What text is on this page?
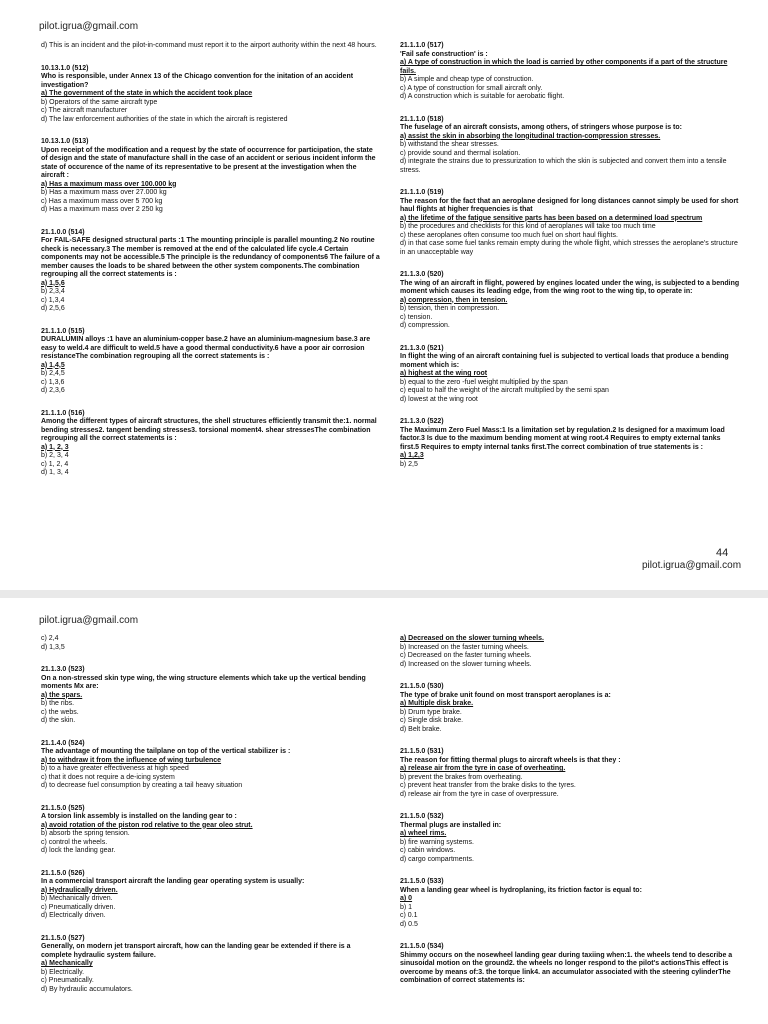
pilot.igrua@gmail.com
d) This is an incident and the pilot-in-command must report it to the airport authority within the next 48 hours.
10.13.1.0 (512)
Who is responsible, under Annex 13 of the Chicago convention for the initation of an accident investigation?
a) The government of the state in which the accident took place
b) Operators of the same aircraft type
c) The aircraft manufacturer
d) The law enforcement authorities of the state in which the aircraft is registered
10.13.1.0 (513)
Upon receipt of the modification and a request by the state of occurrence for participation, the state of design and the state of manufacture shall in the case of an accident or serious incident inform the state of occurence of the name of its representative to be present at the investigation when the aircraft :
a) Has a maximum mass over 100.000 kg
b) Has a maximum mass over 27.000 kg
c) Has a maximum mass over 5 700 kg
d) Has a maximum mass over 2 250 kg
21.1.0.0 (514)
For FAIL-SAFE designed structural parts :1 The mounting principle is parallel mounting.2 No routine check is necessary.3 The member is removed at the end of the calculated life cycle.4 Certain components may not be accessible.5 The principle is the redundancy of components6 The failure of a member causes the loads to be shared between the other system components.The combination regrouping all the correct statements is :
a) 1,5,6
b) 2,3,4
c) 1,3,4
d) 2,5,6
21.1.1.0 (515)
DURALUMIN alloys :1 have an aluminium-copper base.2 have an aluminium-magnesium base.3 are easy to weld.4 are difficult to weld.5 have a good thermal conductivity.6 have a poor air corrosion resistanceThe combination regrouping all the correct statements is :
a) 1,4,5
b) 2,4,5
c) 1,3,6
d) 2,3,6
21.1.1.0 (516)
Among the different types of aircraft structures, the shell structures efficiently transmit the:1. normal bending stresses2. tangent bending stresses3. torsional moment4. shear stressesThe combination regrouping all the correct statements is :
a) 1, 2, 3
b) 2, 3, 4
c) 1, 2, 4
d) 1, 3, 4
21.1.1.0 (517)
'Fail safe construction' is :
a) A type of construction in which the load is carried by other components if a part of the structure fails.
b) A simple and cheap type of construction.
c) A type of construction for small aircraft only.
d) A construction which is suitable for aerobatic flight.
21.1.1.0 (518)
The fuselage of an aircraft consists, among others, of stringers whose purpose is to:
a) assist the skin in absorbing the longitudinal traction-compression stresses.
b) withstand the shear stresses.
c) provide sound and thermal isolation.
d) integrate the strains due to pressurization to which the skin is subjected and convert them into a tensile stress.
21.1.1.0 (519)
The reason for the fact that an aeroplane designed for long distances cannot simply be used for short haul flights at higher frequencies is that
a) the lifetime of the fatigue sensitive parts has been based on a determined load spectrum
b) the procedures and checklists for this kind of aeroplanes will take too much time
c) these aeroplanes often consume too much fuel on short haul flights.
d) in that case some fuel tanks remain empty during the whole flight, which stresses the aeroplane's structure in an unacceptable way
21.1.3.0 (520)
The wing of an aircraft in flight, powered by engines located under the wing, is subjected to a bending moment which causes its leading edge, from the wing root to the wing tip, to operate in:
a) compression, then in tension.
b) tension, then in compression.
c) tension.
d) compression.
21.1.3.0 (521)
In flight the wing of an aircraft containing fuel is subjected to vertical loads that produce a bending moment which is:
a) highest at the wing root
b) equal to the zero -fuel weight multiplied by the span
c) equal to half the weight of the aircraft multiplied by the semi span
d) lowest at the wing root
21.1.3.0 (522)
The Maximum Zero Fuel Mass:1 Is a limitation set by regulation.2 Is designed for a maximum load factor.3 Is due to the maximum bending moment at wing root.4 Requires to empty external tanks first.5 Requires to empty internal tanks first.The correct combination of true statements is :
a) 1,2,3
b) 2,5
44
pilot.igrua@gmail.com
pilot.igrua@gmail.com
c) 2,4
d) 1,3,5
21.1.3.0 (523)
On a non-stressed skin type wing, the wing structure elements which take up the vertical bending moments Mx are:
a) the spars.
b) the ribs.
c) the webs.
d) the skin.
21.1.4.0 (524)
The advantage of mounting the tailplane on top of the vertical stabilizer is :
a) to withdraw it from the influence of wing turbulence
b) to a have greater effectiveness at high speed
c) that it does not require a de-icing system
d) to decrease fuel consumption by creating a tail heavy situation
21.1.5.0 (525)
A torsion link assembly is installed on the landing gear to :
a) avoid rotation of the piston rod relative to the gear oleo strut.
b) absorb the spring tension.
c) control the wheels.
d) lock the landing gear.
21.1.5.0 (526)
In a commercial transport aircraft the landing gear operating system is usually:
a) Hydraulically driven.
b) Mechanically driven.
c) Pneumatically driven.
d) Electrically driven.
21.1.5.0 (527)
Generally, on modern jet transport aircraft, how can the landing gear be extended if there is a complete hydraulic system failure.
a) Mechanically
b) Electrically.
c) Pneumatically.
d) By hydraulic accumulators.
a) Decreased on the slower turning wheels.
b) Increased on the faster turning wheels.
c) Decreased on the faster turning wheels.
d) Increased on the slower turning wheels.
21.1.5.0 (530)
The type of brake unit found on most transport aeroplanes is a:
a) Multiple disk brake.
b) Drum type brake.
c) Single disk brake.
d) Belt brake.
21.1.5.0 (531)
The reason for fitting thermal plugs to aircraft wheels is that they :
a) release air from the tyre in case of overheating.
b) prevent the brakes from overheating.
c) prevent heat transfer from the brake disks to the tyres.
d) release air from the tyre in case of overpressure.
21.1.5.0 (532)
Thermal plugs are installed in:
a) wheel rims.
b) fire warning systems.
c) cabin windows.
d) cargo compartments.
21.1.5.0 (533)
When a landing gear wheel is hydroplaning, its friction factor is equal to:
a) 0
b) 1
c) 0.1
d) 0.5
21.1.5.0 (534)
Shimmy occurs on the nosewheel landing gear during taxiing when:1. the wheels tend to describe a sinusoidal motion on the ground2. the wheels no longer respond to the pilot's actionsThis effect is overcome by means of:3. the torque link4. an accumulator associated with the steering cylinderThe combination of correct statements is:
